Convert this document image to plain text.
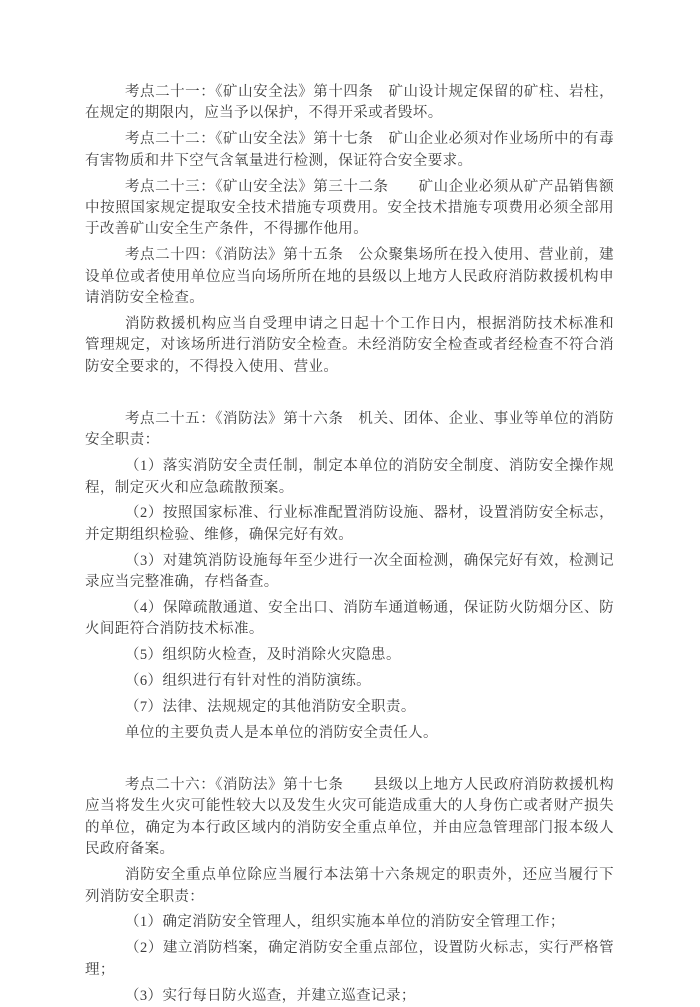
考点二十一：《矿山安全法》第十四条　矿山设计规定保留的矿柱、岩柱，在规定的期限内，应当予以保护，不得开采或者毁坏。

考点二十二：《矿山安全法》第十七条　矿山企业必须对作业场所中的有毒有害物质和井下空气含氧量进行检测，保证符合安全要求。

考点二十三：《矿山安全法》第三十二条　　矿山企业必须从矿产品销售额中按照国家规定提取安全技术措施专项费用。安全技术措施专项费用必须全部用于改善矿山安全生产条件，不得挪作他用。

考点二十四：《消防法》第十五条　公众聚集场所在投入使用、营业前，建设单位或者使用单位应当向场所所在地的县级以上地方人民政府消防救援机构申请消防安全检查。

消防救援机构应当自受理申请之日起十个工作日内，根据消防技术标准和管理规定，对该场所进行消防安全检查。未经消防安全检查或者经检查不符合消防安全要求的，不得投入使用、营业。

考点二十五：《消防法》第十六条　机关、团体、企业、事业等单位的消防安全职责：

（1）落实消防安全责任制，制定本单位的消防安全制度、消防安全操作规程，制定灭火和应急疏散预案。

（2）按照国家标准、行业标准配置消防设施、器材，设置消防安全标志，并定期组织检验、维修，确保完好有效。

（3）对建筑消防设施每年至少进行一次全面检测，确保完好有效，检测记录应当完整准确，存档备查。

（4）保障疏散通道、安全出口、消防车通道畅通，保证防火防烟分区、防火间距符合消防技术标准。

（5）组织防火检查，及时消除火灾隐患。

（6）组织进行有针对性的消防演练。

（7）法律、法规规定的其他消防安全职责。

单位的主要负责人是本单位的消防安全责任人。

考点二十六：《消防法》第十七条　　县级以上地方人民政府消防救援机构应当将发生火灾可能性较大以及发生火灾可能造成重大的人身伤亡或者财产损失的单位，确定为本行政区域内的消防安全重点单位，并由应急管理部门报本级人民政府备案。

消防安全重点单位除应当履行本法第十六条规定的职责外，还应当履行下列消防安全职责：

（1）确定消防安全管理人，组织实施本单位的消防安全管理工作；

（2）建立消防档案，确定消防安全重点部位，设置防火标志，实行严格管理；

（3）实行每日防火巡查，并建立巡查记录；
